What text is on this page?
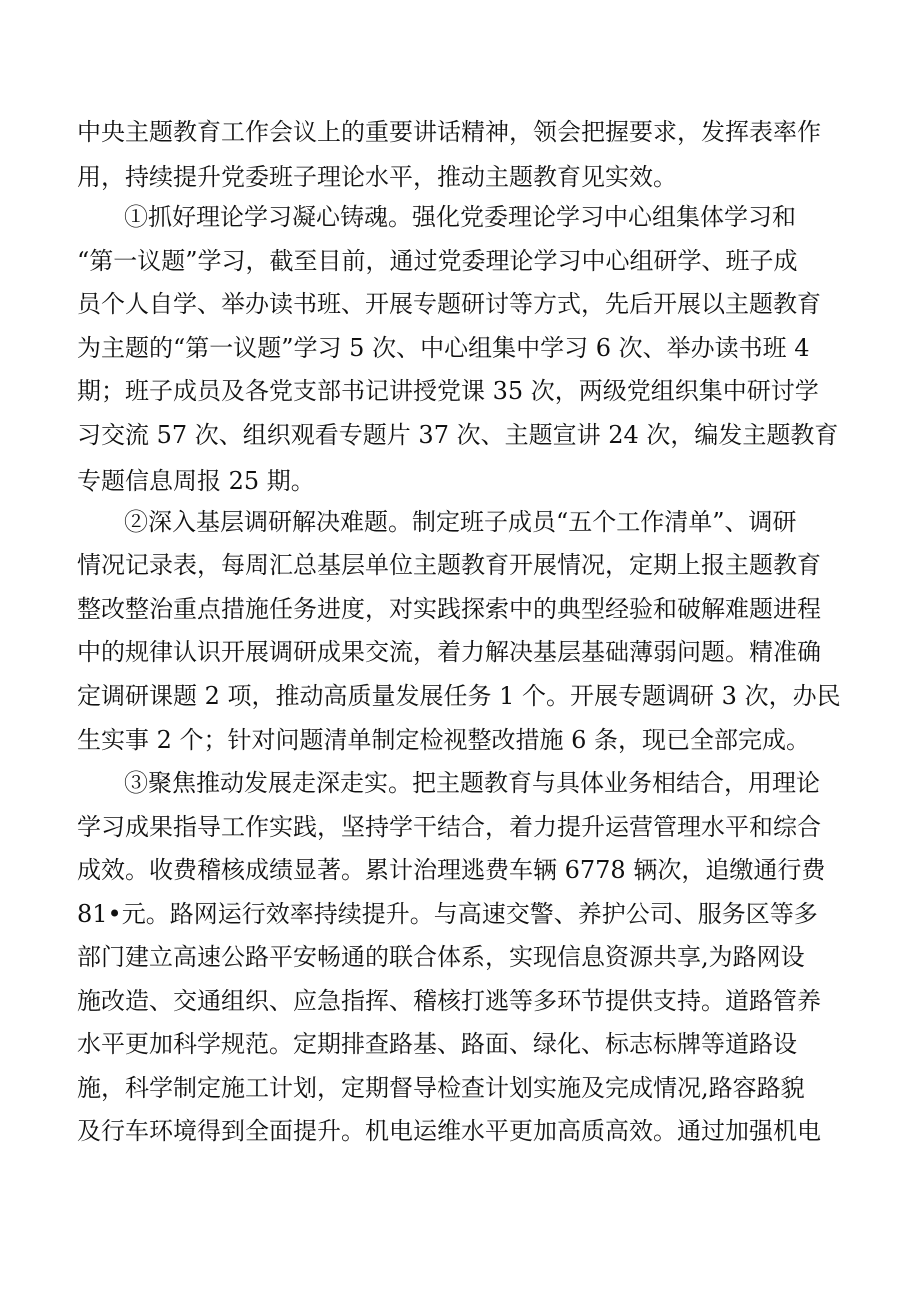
中央主题教育工作会议上的重要讲话精神，领会把握要求，发挥表率作
用，持续提升党委班子理论水平，推动主题教育见实效。
①抓好理论学习凝心铸魂。强化党委理论学习中心组集体学习和
“第一议题”学习，截至目前，通过党委理论学习中心组研学、班子成
员个人自学、举办读书班、开展专题研讨等方式，先后开展以主题教育
为主题的“第一议题”学习 5 次、中心组集中学习 6 次、举办读书班 4
期；班子成员及各党支部书记讲授党课 35 次，两级党组织集中研讨学
习交流 57 次、组织观看专题片 37 次、主题宣讲 24 次，编发主题教育
专题信息周报 25 期。
②深入基层调研解决难题。制定班子成员“五个工作清单”、调研
情况记录表，每周汇总基层单位主题教育开展情况，定期上报主题教育
整改整治重点措施任务进度，对实践探索中的典型经验和破解难题进程
中的规律认识开展调研成果交流，着力解决基层基础薄弱问题。精准确
定调研课题 2 项，推动高质量发展任务 1 个。开展专题调研 3 次，办民
生实事 2 个；针对问题清单制定检视整改措施 6 条，现已全部完成。
③聚焦推动发展走深走实。把主题教育与具体业务相结合，用理论
学习成果指导工作实践，坚持学干结合，着力提升运营管理水平和综合
成效。收费稽核成绩显著。累计治理逃费车辆 6778 辆次，追缴通行费
81•元。路网运行效率持续提升。与高速交警、养护公司、服务区等多
部门建立高速公路平安畅通的联合体系，实现信息资源共享,为路网设
施改造、交通组织、应急指挥、稽核打逃等多环节提供支持。道路管养
水平更加科学规范。定期排查路基、路面、绿化、标志标牌等道路设
施，科学制定施工计划，定期督导检查计划实施及完成情况,路容路貌
及行车环境得到全面提升。机电运维水平更加高质高效。通过加强机电
